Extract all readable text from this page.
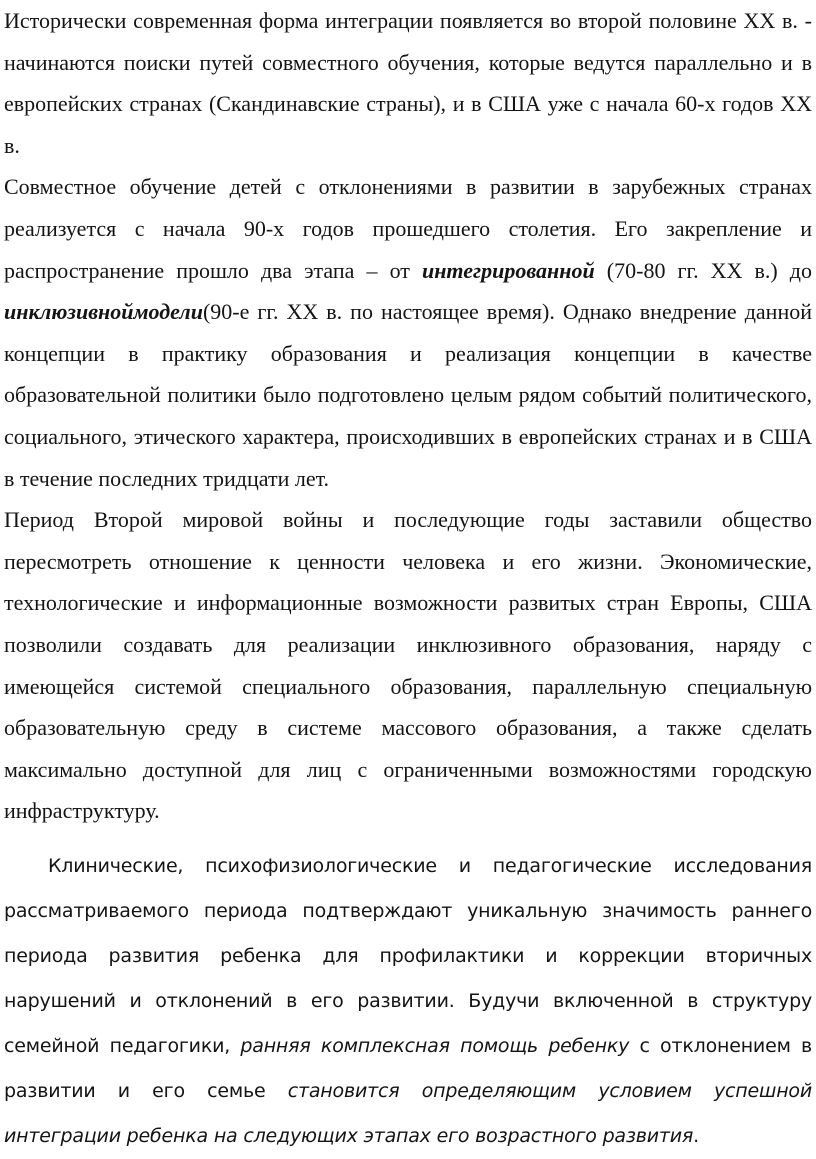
Исторически современная форма интеграции появляется во второй половине XX в. - начинаются поиски путей совместного обучения, которые ведутся параллельно и в европейских странах (Скандинавские страны), и в США уже с начала 60-х годов XX в.

Совместное обучение детей с отклонениями в развитии в зарубежных странах реализуется с начала 90-х годов прошедшего столетия. Его закрепление и распространение прошло два этапа – от интегрированной (70-80 гг. XX в.) до инклюзивноймодели(90-е гг. XX в. по настоящее время). Однако внедрение данной концепции в практику образования и реализация концепции в качестве образовательной политики было подготовлено целым рядом событий политического, социального, этического характера, происходивших в европейских странах и в США в течение последних тридцати лет.

Период Второй мировой войны и последующие годы заставили общество пересмотреть отношение к ценности человека и его жизни. Экономические, технологические и информационные возможности развитых стран Европы, США позволили создавать для реализации инклюзивного образования, наряду с имеющейся системой специального образования, параллельную специальную образовательную среду в системе массового образования, а также сделать максимально доступной для лиц с ограниченными возможностями городскую инфраструктуру.

Клинические, психофизиологические и педагогические исследования рассматриваемого периода подтверждают уникальную значимость раннего периода развития ребенка для профилактики и коррекции вторичных нарушений и отклонений в его развитии. Будучи включенной в структуру семейной педагогики, ранняя комплексная помощь ребенку с отклонением в развитии и его семье становится определяющим условием успешной интеграции ребенка на следующих этапах его возрастного развития.
